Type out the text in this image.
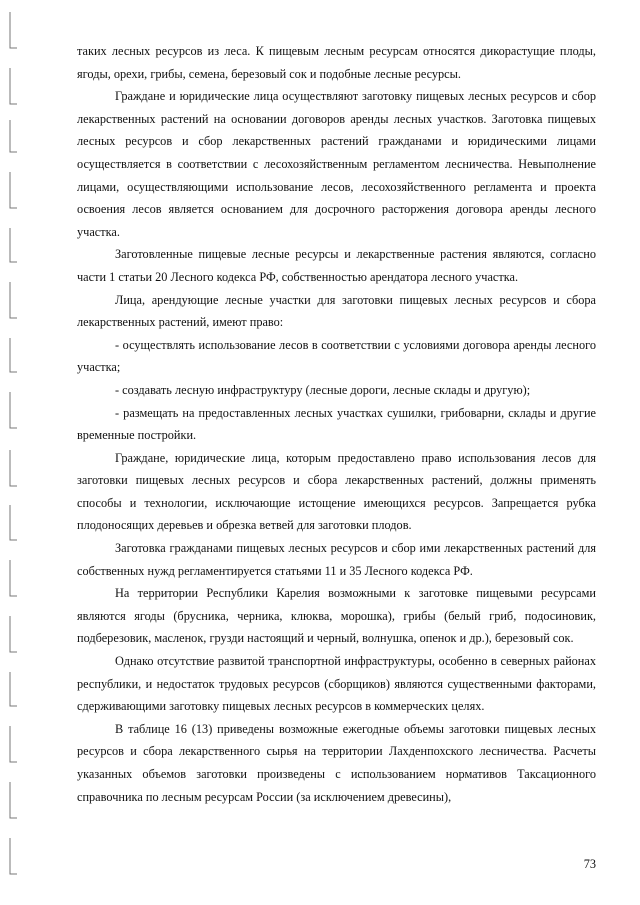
таких лесных ресурсов из леса. К пищевым лесным ресурсам относятся дикорастущие плоды, ягоды, орехи, грибы, семена, березовый сок и подобные лесные ресурсы.

Граждане и юридические лица осуществляют заготовку пищевых лесных ресурсов и сбор лекарственных растений на основании договоров аренды лесных участков. Заготовка пищевых лесных ресурсов и сбор лекарственных растений гражданами и юридическими лицами осуществляется в соответствии с лесохозяйственным регламентом лесничества. Невыполнение лицами, осуществляющими использование лесов, лесохозяйственного регламента и проекта освоения лесов является основанием для досрочного расторжения договора аренды лесного участка.

Заготовленные пищевые лесные ресурсы и лекарственные растения являются, согласно части 1 статьи 20 Лесного кодекса РФ, собственностью арендатора лесного участка.

Лица, арендующие лесные участки для заготовки пищевых лесных ресурсов и сбора лекарственных растений, имеют право:

- осуществлять использование лесов в соответствии с условиями договора аренды лесного участка;

- создавать лесную инфраструктуру (лесные дороги, лесные склады и другую);

- размещать на предоставленных лесных участках сушилки, грибоварни, склады и другие временные постройки.

Граждане, юридические лица, которым предоставлено право использования лесов для заготовки пищевых лесных ресурсов и сбора лекарственных растений, должны применять способы и технологии, исключающие истощение имеющихся ресурсов. Запрещается рубка плодоносящих деревьев и обрезка ветвей для заготовки плодов.

Заготовка гражданами пищевых лесных ресурсов и сбор ими лекарственных растений для собственных нужд регламентируется статьями 11 и 35 Лесного кодекса РФ.

На территории Республики Карелия возможными к заготовке пищевыми ресурсами являются ягоды (брусника, черника, клюква, морошка), грибы (белый гриб, подосиновик, подберезовик, масленок, грузди настоящий и черный, волнушка, опенок и др.), березовый сок.

Однако отсутствие развитой транспортной инфраструктуры, особенно в северных районах республики, и недостаток трудовых ресурсов (сборщиков) являются существенными факторами, сдерживающими заготовку пищевых лесных ресурсов в коммерческих целях.

В таблице 16 (13) приведены возможные ежегодные объемы заготовки пищевых лесных ресурсов и сбора лекарственного сырья на территории Лахденпохского лесничества. Расчеты указанных объемов заготовки произведены с использованием нормативов Таксационного справочника по лесным ресурсам России (за исключением древесины),

73
